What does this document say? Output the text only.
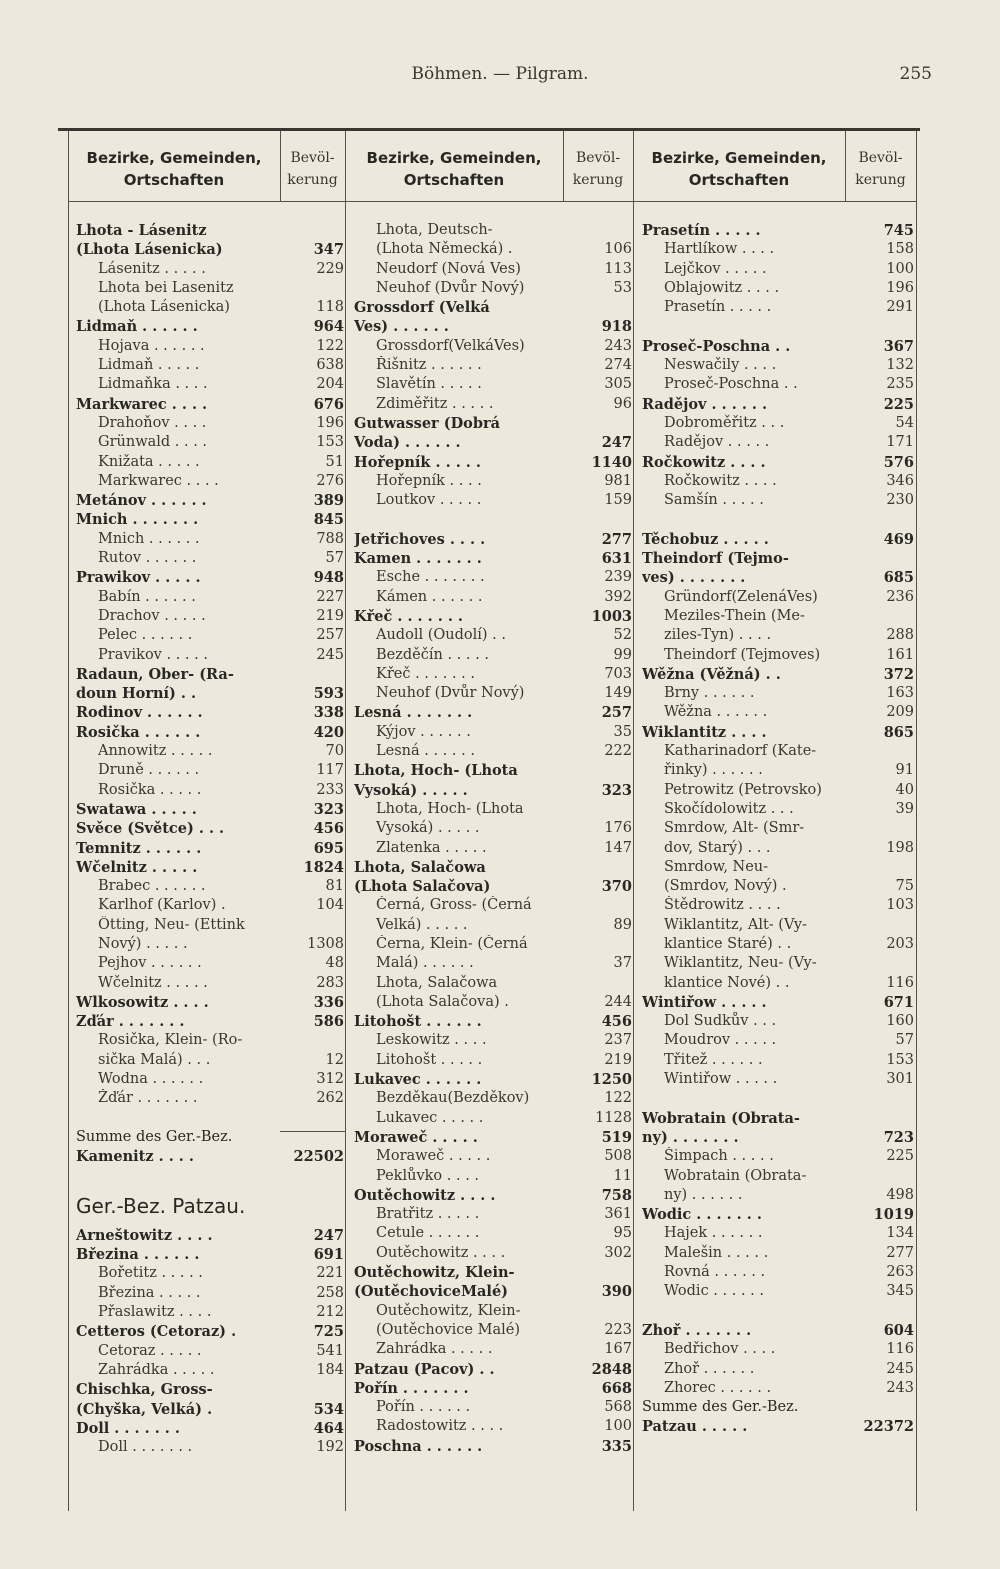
Böhmen. — Pilgram.	255
Bezirke, Gemeinden,
Ortschaften
Bevöl-
kerung
Bezirke, Gemeinden,
Ortschaften
Bevöl-
kerung
Bezirke, Gemeinden,
Ortschaften
Bevöl-
kerung
Lhota - Lásenitz
(Lhota Lásenicka)	347
Lásenitz . . . . .	229
Lhota bei Lasenitz
(Lhota Lásenicka)	118
Lidmaň . . . . . .	964
Hojava . . . . . .	122
Lidmaň . . . . .	638
Lidmaňka . . . .	204
Markwarec . . . .	676
Drahoňov . . . .	196
Grünwald . . . .	153
Knižata . . . . .	51
Markwarec . . . .	276
Metánov . . . . . .	389
Mnich . . . . . . .	845
Mnich . . . . . .	788
Rutov . . . . . .	57
Prawikov . . . . .	948
Babín . . . . . .	227
Drachov . . . . .	219
Pelec . . . . . .	257
Pravikov . . . . .	245
Radaun, Ober- (Ra-
doun Horní) . .	593
Rodinov . . . . . .	338
Rosička . . . . . .	420
Annowitz . . . . .	70
Druně . . . . . .	117
Rosička . . . . .	233
Swatawa . . . . .	323
Svěce (Světce) . . .	456
Temnitz . . . . . .	695
Wčelnitz . . . . .	1824
Brabec . . . . . .	81
Karlhof (Karlov) .	104
Ötting, Neu- (Ettink
Nový) . . . . .	1308
Pejhov . . . . . .	48
Wčelnitz . . . . .	283
Wlkosowitz . . . .	336
Zďár . . . . . . .	586
Rosička, Klein- (Ro-
sička Malá) . . .	12
Wodna . . . . . .	312
Žďár . . . . . . .	262
Summe des Ger.-Bez.
Kamenitz . . . .	22502
Ger.-Bez. Patzau.
Arneštowitz . . . .	247
Březina . . . . . .	691
Bořetitz . . . . .	221
Březina . . . . .	258
Přaslawitz . . . .	212
Cetteros (Cetoraz) .	725
Cetoraz . . . . .	541
Zahrádka . . . . .	184
Chischka, Gross-
(Chyška, Velká) .	534
Doll . . . . . . .	464
Doll . . . . . . .	192
Lhota, Deutsch-
(Lhota Německá) .	106
Neudorf (Nová Ves)	113
Neuhof (Dvůr Nový)	53
Grossdorf (Velká
Ves) . . . . . .	918
Grossdorf(VelkáVes)	243
Řišnitz . . . . . .	274
Slavětín . . . . .	305
Zdiměřitz . . . . .	96
Gutwasser (Dobrá
Voda) . . . . . .	247
Hořepník . . . . .	1140
Hořepník . . . .	981
Loutkov . . . . .	159
Jetřichoves . . . .	277
Kamen . . . . . . .	631
Esche . . . . . . .	239
Kámen . . . . . .	392
Křeč . . . . . . .	1003
Audoll (Oudolí) . .	52
Bezděčín . . . . .	99
Křeč . . . . . . .	703
Neuhof (Dvůr Nový)	149
Lesná . . . . . . .	257
Kýjov . . . . . .	35
Lesná . . . . . .	222
Lhota, Hoch- (Lhota
Vysoká) . . . . .	323
Lhota, Hoch- (Lhota
Vysoká) . . . . .	176
Zlatenka . . . . .	147
Lhota, Salačowa
(Lhota Salačova)	370
Černá, Gross- (Černá
Velká) . . . . .	89
Černa, Klein- (Černá
Malá) . . . . . .	37
Lhota, Salačowa
(Lhota Salačova) .	244
Litohošt . . . . . .	456
Leskowitz . . . .	237
Litohošt . . . . .	219
Lukavec . . . . . .	1250
Bezděkau(Bezděkov)	122
Lukavec . . . . .	1128
Moraweč . . . . .	519
Moraweč . . . . .	508
Peklůvko . . . .	11
Outěchowitz . . . .	758
Bratřitz . . . . .	361
Cetule . . . . . .	95
Outěchowitz . . . .	302
Outěchowitz, Klein-
(OutěchoviceMalé)	390
Outěchowitz, Klein-
(Outěchovice Malé)	223
Zahrádka . . . . .	167
Patzau (Pacov) . .	2848
Pořín . . . . . . .	668
Pořín . . . . . .	568
Radostowitz . . . .	100
Poschna . . . . . .	335
Prasetín . . . . .	745
Hartlíkow . . . .	158
Lejčkov . . . . .	100
Oblajowitz . . . .	196
Prasetín . . . . .	291
Proseč-Poschna . .	367
Neswačily . . . .	132
Proseč-Poschna . .	235
Radějov . . . . . .	225
Dobroměřitz . . .	54
Radějov . . . . .	171
Ročkowitz . . . .	576
Ročkowitz . . . .	346
Samšín . . . . .	230
Těchobuz . . . . .	469
Theindorf (Tejmo-
ves) . . . . . . .	685
Gründorf(ZelenáVes)	236
Meziles-Thein (Me-
ziles-Tyn) . . . .	288
Theindorf (Tejmoves)	161
Wěžna (Věžná) . .	372
Brny . . . . . .	163
Wěžna . . . . . .	209
Wiklantitz . . . .	865
Katharinadorf (Kate-
řinky) . . . . . .	91
Petrowitz (Petrovsko)	40
Skočídolowitz . . .	39
Smrdow, Alt- (Smr-
dov, Starý) . . .	198
Smrdow, Neu-
(Smrdov, Nový) .	75
Štědrowitz . . . .	103
Wiklantitz, Alt- (Vy-
klantice Staré) . .	203
Wiklantitz, Neu- (Vy-
klantice Nové) . .	116
Wintiřow . . . . .	671
Dol Sudkův . . .	160
Moudrov . . . . .	57
Třitež . . . . . .	153
Wintiřow . . . . .	301
Wobratain (Obrata-
ny) . . . . . . .	723
Šimpach . . . . .	225
Wobratain (Obrata-
ny) . . . . . .	498
Wodic . . . . . . .	1019
Hajek . . . . . .	134
Malešin . . . . .	277
Rovná . . . . . .	263
Wodic . . . . . .	345
Zhoř . . . . . . .	604
Bedřichov . . . .	116
Zhoř . . . . . .	245
Zhorec . . . . . .	243
Summe des Ger.-Bez.
Patzau . . . . .	22372
